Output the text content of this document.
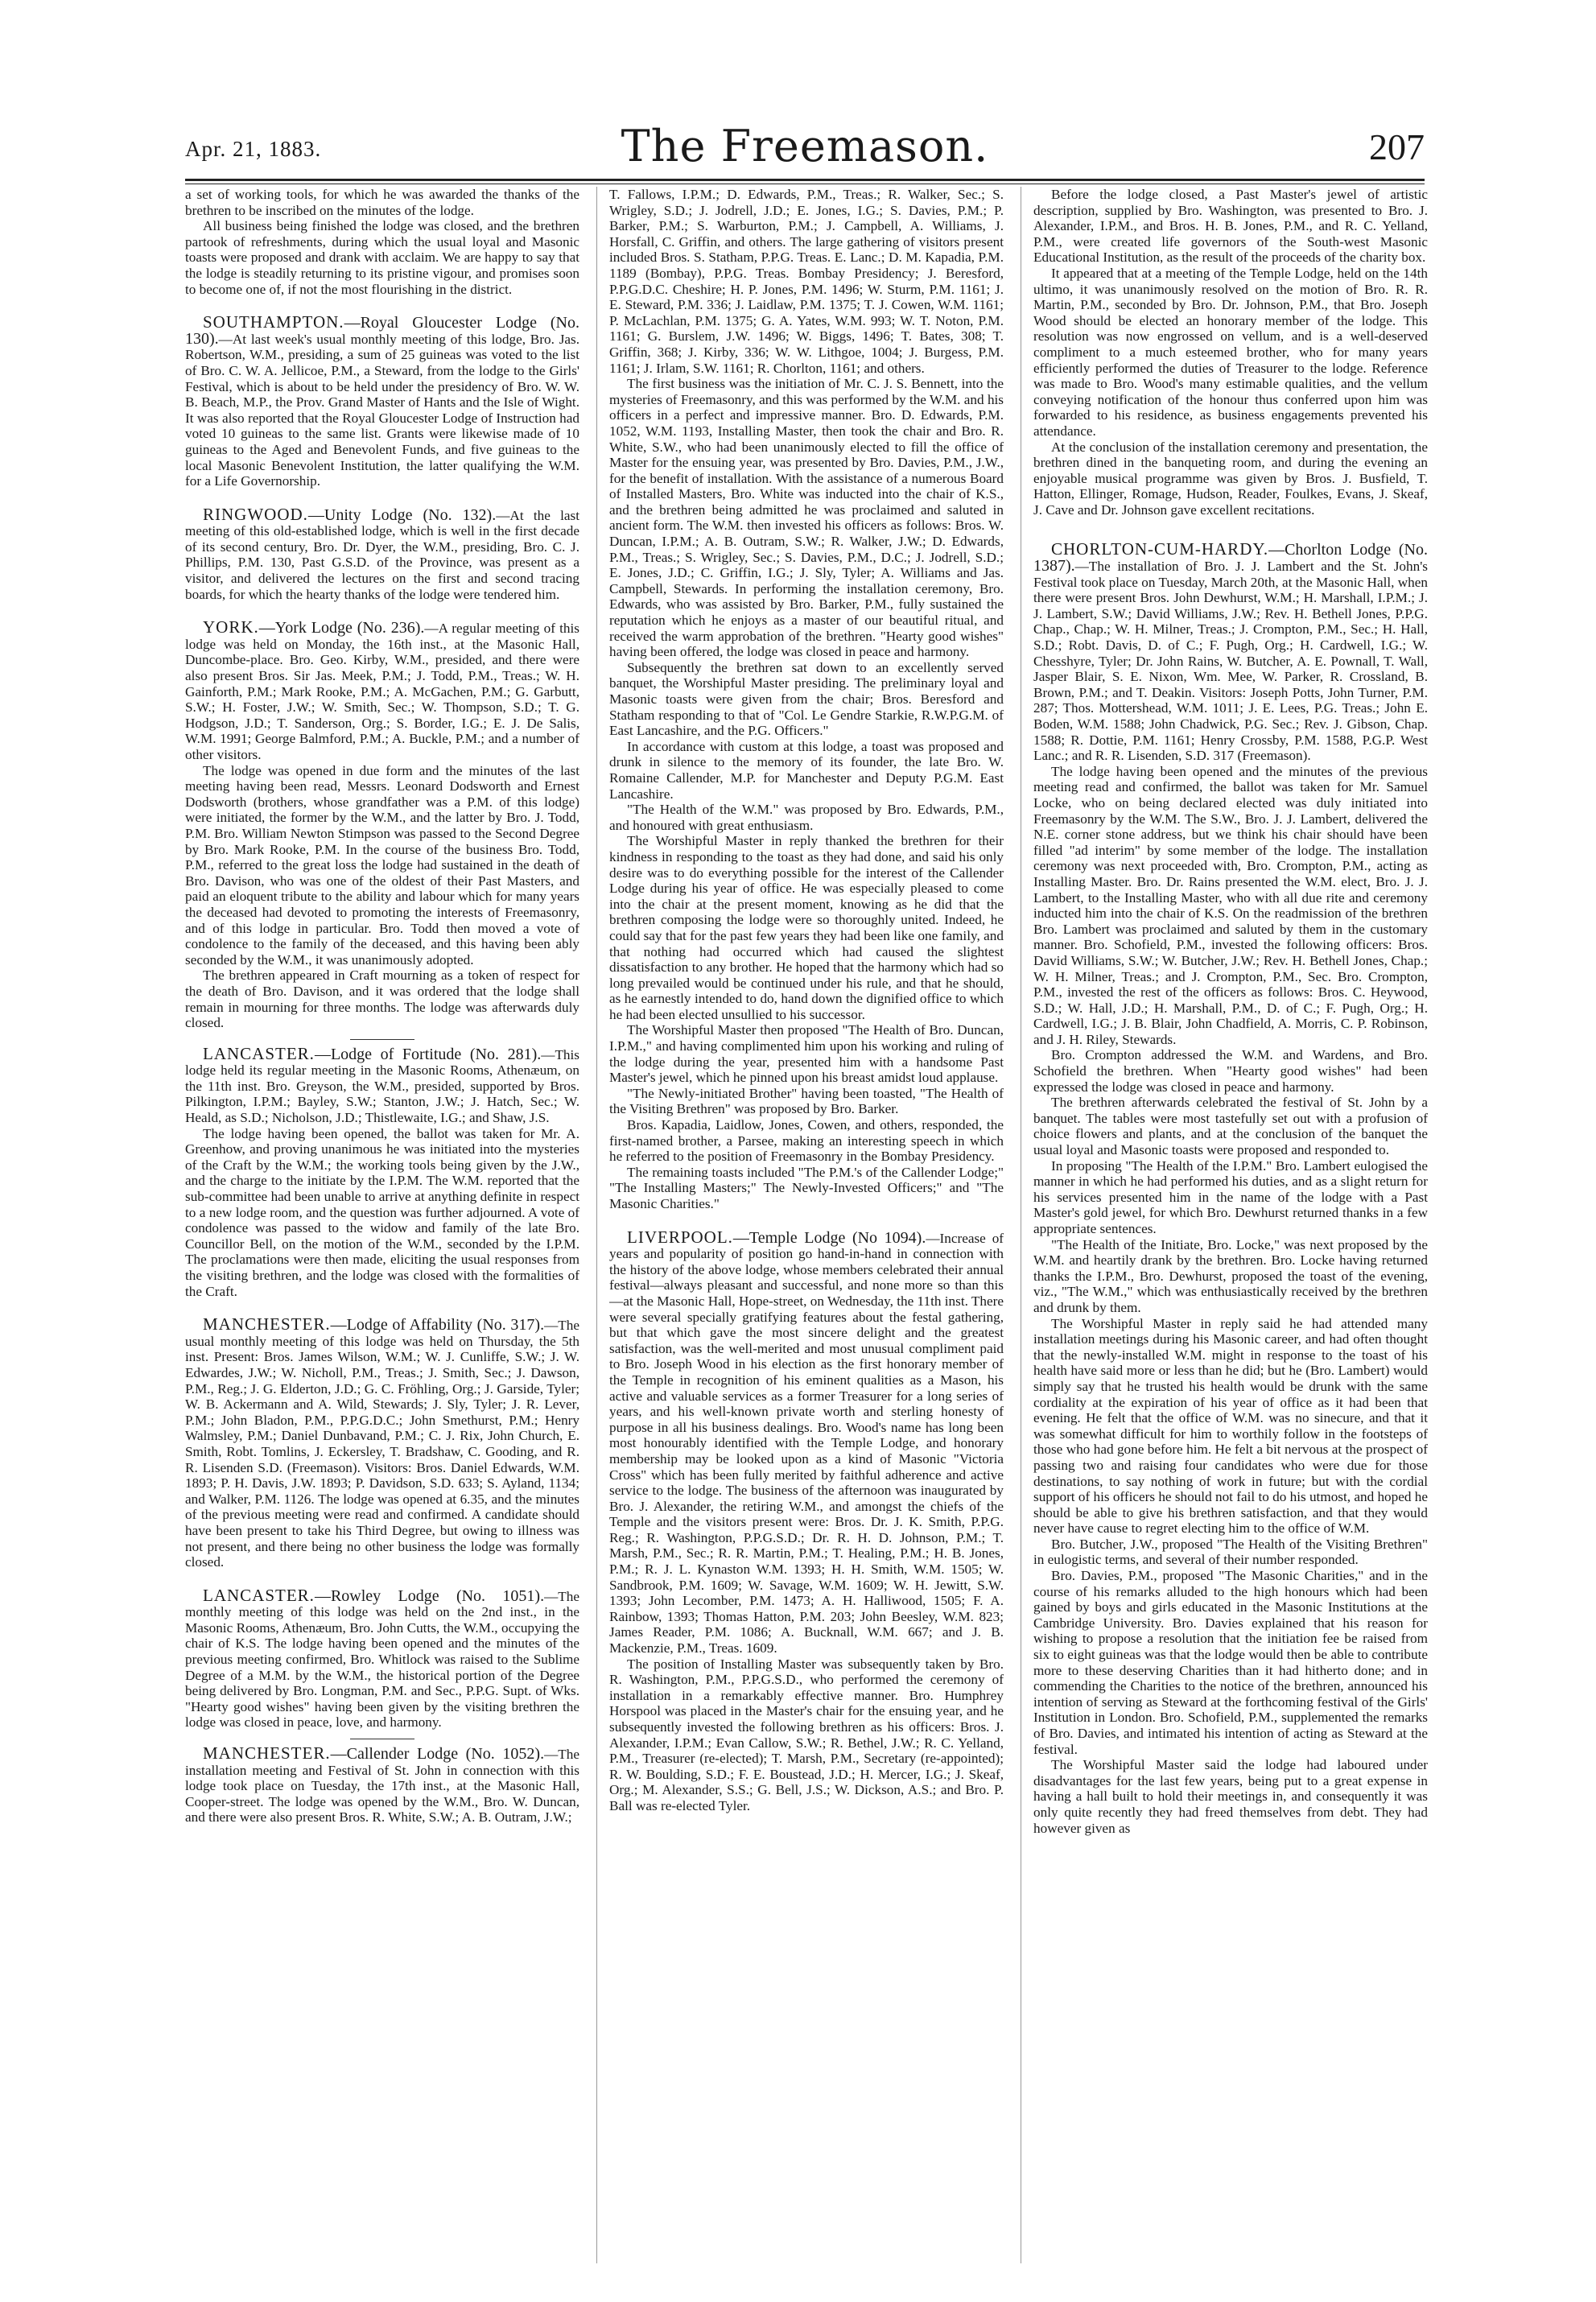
Apr. 21, 1883.	The Freemason.	207

a set of working tools, for which he was awarded the thanks of the brethren to be inscribed on the minutes of the lodge.

All business being finished the lodge was closed, and the brethren partook of refreshments, during which the usual loyal and Masonic toasts were proposed and drank with acclaim. We are happy to say that the lodge is steadily returning to its pristine vigour, and promises soon to become one of, if not the most flourishing in the district.

SOUTHAMPTON.—Royal Gloucester Lodge (No. 130).—At last week's usual monthly meeting of this lodge, Bro. Jas. Robertson, W.M., presiding, a sum of 25 guineas was voted to the list of Bro. C. W. A. Jellicoe, P.M., a Steward, from the lodge to the Girls' Festival, which is about to be held under the presidency of Bro. W. W. B. Beach, M.P., the Prov. Grand Master of Hants and the Isle of Wight. It was also reported that the Royal Gloucester Lodge of Instruction had voted 10 guineas to the same list. Grants were likewise made of 10 guineas to the Aged and Benevolent Funds, and five guineas to the local Masonic Benevolent Institution, the latter qualifying the W.M. for a Life Governorship.
RINGWOOD.—Unity Lodge (No. 132).—At the last meeting of this old-established lodge, which is well in the first decade of its second century, Bro. Dr. Dyer, the W.M., presiding, Bro. C. J. Phillips, P.M. 130, Past G.S.D. of the Province, was present as a visitor, and delivered the lectures on the first and second tracing boards, for which the hearty thanks of the lodge were tendered him.
YORK.—York Lodge (No. 236).—A regular meeting of this lodge was held on Monday, the 16th inst., at the Masonic Hall, Duncombe-place. Bro. Geo. Kirby, W.M., presided, and there were also present Bros. Sir Jas. Meek, P.M.; J. Todd, P.M., Treas.; W. H. Gainforth, P.M.; Mark Rooke, P.M.; A. McGachen, P.M.; G. Garbutt, S.W.; H. Foster, J.W.; W. Smith, Sec.; W. Thompson, S.D.; T. G. Hodgson, J.D.; T. Sanderson, Org.; S. Border, I.G.; E. J. De Salis, W.M. 1991; George Balmford, P.M.; A. Buckle, P.M.; and a number of other visitors.

The lodge was opened in due form and the minutes of the last meeting having been read, Messrs. Leonard Dodsworth and Ernest Dodsworth (brothers, whose grandfather was a P.M. of this lodge) were initiated, the former by the W.M., and the latter by Bro. J. Todd, P.M. Bro. William Newton Stimpson was passed to the Second Degree by Bro. Mark Rooke, P.M. In the course of the business Bro. Todd, P.M., referred to the great loss the lodge had sustained in the death of Bro. Davison, who was one of the oldest of their Past Masters, and paid an eloquent tribute to the ability and labour which for many years the deceased had devoted to promoting the interests of Freemasonry, and of this lodge in particular. Bro. Todd then moved a vote of condolence to the family of the deceased, and this having been ably seconded by the W.M., it was unanimously adopted.

The brethren appeared in Craft mourning as a token of respect for the death of Bro. Davison, and it was ordered that the lodge shall remain in mourning for three months. The lodge was afterwards duly closed.

LANCASTER.—Lodge of Fortitude (No. 281).—This lodge held its regular meeting in the Masonic Rooms, Athenæum, on the 11th inst. Bro. Greyson, the W.M., presided, supported by Bros. Pilkington, I.P.M.; Bayley, S.W.; Stanton, J.W.; J. Hatch, Sec.; W. Heald, as S.D.; Nicholson, J.D.; Thistlewaite, I.G.; and Shaw, J.S.

The lodge having been opened, the ballot was taken for Mr. A. Greenhow, and proving unanimous he was initiated into the mysteries of the Craft by the W.M.; the working tools being given by the J.W., and the charge to the initiate by the I.P.M. The W.M. reported that the sub-committee had been unable to arrive at anything definite in respect to a new lodge room, and the question was further adjourned. A vote of condolence was passed to the widow and family of the late Bro. Councillor Bell, on the motion of the W.M., seconded by the I.P.M. The proclamations were then made, eliciting the usual responses from the visiting brethren, and the lodge was closed with the formalities of the Craft.

MANCHESTER.—Lodge of Affability (No. 317).—The usual monthly meeting of this lodge was held on Thursday, the 5th inst. Present: Bros. James Wilson, W.M.; W. J. Cunliffe, S.W.; J. W. Edwardes, J.W.; W. Nicholl, P.M., Treas.; J. Smith, Sec.; J. Dawson, P.M., Reg.; J. G. Elderton, J.D.; G. C. Fröhling, Org.; J. Garside, Tyler; W. B. Ackermann and A. Wild, Stewards; J. Sly, Tyler; J. R. Lever, P.M.; John Bladon, P.M., P.P.G.D.C.; John Smethurst, P.M.; Henry Walmsley, P.M.; Daniel Dunbavand, P.M.; C. J. Rix, John Church, E. Smith, Robt. Tomlins, J. Eckersley, T. Bradshaw, C. Gooding, and R. R. Lisenden S.D. (Freemason). Visitors: Bros. Daniel Edwards, W.M. 1893; P. H. Davis, J.W. 1893; P. Davidson, S.D. 633; S. Ayland, 1134; and Walker, P.M. 1126. The lodge was opened at 6.35, and the minutes of the previous meeting were read and confirmed. A candidate should have been present to take his Third Degree, but owing to illness was not present, and there being no other business the lodge was formally closed.
LANCASTER.—Rowley Lodge (No. 1051).—The monthly meeting of this lodge was held on the 2nd inst., in the Masonic Rooms, Athenæum, Bro. John Cutts, the W.M., occupying the chair of K.S. The lodge having been opened and the minutes of the previous meeting confirmed, Bro. Whitlock was raised to the Sublime Degree of a M.M. by the W.M., the historical portion of the Degree being delivered by Bro. Longman, P.M. and Sec., P.P.G. Supt. of Wks. "Hearty good wishes" having been given by the visiting brethren the lodge was closed in peace, love, and harmony.
MANCHESTER.—Callender Lodge (No. 1052).—The installation meeting and Festival of St. John in connection with this lodge took place on Tuesday, the 17th inst., at the Masonic Hall, Cooper-street. The lodge was opened by the W.M., Bro. W. Duncan, and there were also present Bros. R. White, S.W.; A. B. Outram, J.W.;

T. Fallows, I.P.M.; D. Edwards, P.M., Treas.; R. Walker, Sec.; S. Wrigley, S.D.; J. Jodrell, J.D.; E. Jones, I.G.; S. Davies, P.M.; P. Barker, P.M.; S. Warburton, P.M.; J. Campbell, A. Williams, J. Horsfall, C. Griffin, and others. The large gathering of visitors present included Bros. S. Statham, P.P.G. Treas. E. Lanc.; D. M. Kapadia, P.M. 1189 (Bombay), P.P.G. Treas. Bombay Presidency; J. Beresford, P.P.G.D.C. Cheshire; H. P. Jones, P.M. 1496; W. Sturm, P.M. 1161; J. E. Steward, P.M. 336; J. Laidlaw, P.M. 1375; T. J. Cowen, W.M. 1161; P. McLachlan, P.M. 1375; G. A. Yates, W.M. 993; W. T. Noton, P.M. 1161; G. Burslem, J.W. 1496; W. Biggs, 1496; T. Bates, 308; T. Griffin, 368; J. Kirby, 336; W. W. Lithgoe, 1004; J. Burgess, P.M. 1161; J. Irlam, S.W. 1161; R. Chorlton, 1161; and others.

The first business was the initiation of Mr. C. J. S. Bennett, into the mysteries of Freemasonry, and this was performed by the W.M. and his officers in a perfect and impressive manner. Bro. D. Edwards, P.M. 1052, W.M. 1193, Installing Master, then took the chair and Bro. R. White, S.W., who had been unanimously elected to fill the office of Master for the ensuing year, was presented by Bro. Davies, P.M., J.W., for the benefit of installation. With the assistance of a numerous Board of Installed Masters, Bro. White was inducted into the chair of K.S., and the brethren being admitted he was proclaimed and saluted in ancient form. The W.M. then invested his officers as follows: Bros. W. Duncan, I.P.M.; A. B. Outram, S.W.; R. Walker, J.W.; D. Edwards, P.M., Treas.; S. Wrigley, Sec.; S. Davies, P.M., D.C.; J. Jodrell, S.D.; E. Jones, J.D.; C. Griffin, I.G.; J. Sly, Tyler; A. Williams and Jas. Campbell, Stewards. In performing the installation ceremony, Bro. Edwards, who was assisted by Bro. Barker, P.M., fully sustained the reputation which he enjoys as a master of our beautiful ritual, and received the warm approbation of the brethren. "Hearty good wishes" having been offered, the lodge was closed in peace and harmony.

Subsequently the brethren sat down to an excellently served banquet, the Worshipful Master presiding. The preliminary loyal and Masonic toasts were given from the chair; Bros. Beresford and Statham responding to that of "Col. Le Gendre Starkie, R.W.P.G.M. of East Lancashire, and the P.G. Officers."

In accordance with custom at this lodge, a toast was proposed and drunk in silence to the memory of its founder, the late Bro. W. Romaine Callender, M.P. for Manchester and Deputy P.G.M. East Lancashire.

"The Health of the W.M." was proposed by Bro. Edwards, P.M., and honoured with great enthusiasm.

The Worshipful Master in reply thanked the brethren for their kindness in responding to the toast as they had done, and said his only desire was to do everything possible for the interest of the Callender Lodge during his year of office. He was especially pleased to come into the chair at the present moment, knowing as he did that the brethren composing the lodge were so thoroughly united. Indeed, he could say that for the past few years they had been like one family, and that nothing had occurred which had caused the slightest dissatisfaction to any brother. He hoped that the harmony which had so long prevailed would be continued under his rule, and that he should, as he earnestly intended to do, hand down the dignified office to which he had been elected unsullied to his successor.

The Worshipful Master then proposed "The Health of Bro. Duncan, I.P.M.," and having complimented him upon his working and ruling of the lodge during the year, presented him with a handsome Past Master's jewel, which he pinned upon his breast amidst loud applause.

"The Newly-initiated Brother" having been toasted, "The Health of the Visiting Brethren" was proposed by Bro. Barker.

Bros. Kapadia, Laidlow, Jones, Cowen, and others, responded, the first-named brother, a Parsee, making an interesting speech in which he referred to the position of Freemasonry in the Bombay Presidency.

The remaining toasts included "The P.M.'s of the Callender Lodge;" "The Installing Masters;" The Newly-Invested Officers;" and "The Masonic Charities."

LIVERPOOL.—Temple Lodge (No 1094).—Increase of years and popularity of position go hand-in-hand in connection with the history of the above lodge, whose members celebrated their annual festival—always pleasant and successful, and none more so than this—at the Masonic Hall, Hope-street, on Wednesday, the 11th inst. There were several specially gratifying features about the festal gathering, but that which gave the most sincere delight and the greatest satisfaction, was the well-merited and most unusual compliment paid to Bro. Joseph Wood in his election as the first honorary member of the Temple in recognition of his eminent qualities as a Mason, his active and valuable services as a former Treasurer for a long series of years, and his well-known private worth and sterling honesty of purpose in all his business dealings. Bro. Wood's name has long been most honourably identified with the Temple Lodge, and honorary membership may be looked upon as a kind of Masonic "Victoria Cross" which has been fully merited by faithful adherence and active service to the lodge. The business of the afternoon was inaugurated by Bro. J. Alexander, the retiring W.M., and amongst the chiefs of the Temple and the visitors present were: Bros. Dr. J. K. Smith, P.P.G. Reg.; R. Washington, P.P.G.S.D.; Dr. R. H. D. Johnson, P.M.; T. Marsh, P.M., Sec.; R. R. Martin, P.M.; T. Healing, P.M.; H. B. Jones, P.M.; R. J. L. Kynaston W.M. 1393; H. H. Smith, W.M. 1505; W. Sandbrook, P.M. 1609; W. Savage, W.M. 1609; W. H. Jewitt, S.W. 1393; John Lecomber, P.M. 1473; A. H. Halliwood, 1505; F. A. Rainbow, 1393; Thomas Hatton, P.M. 203; John Beesley, W.M. 823; James Reader, P.M. 1086; A. Bucknall, W.M. 667; and J. B. Mackenzie, P.M., Treas. 1609.

The position of Installing Master was subsequently taken by Bro. R. Washington, P.M., P.P.G.S.D., who performed the ceremony of installation in a remarkably effective manner. Bro. Humphrey Horspool was placed in the Master's chair for the ensuing year, and he subsequently invested the following brethren as his officers: Bros. J. Alexander, I.P.M.; Evan Callow, S.W.; R. Bethel, J.W.; R. C. Yelland, P.M., Treasurer (re-elected); T. Marsh, P.M., Secretary (re-appointed); R. W. Boulding, S.D.; F. E. Boustead, J.D.; H. Mercer, I.G.; J. Skeaf, Org.; M. Alexander, S.S.; G. Bell, J.S.; W. Dickson, A.S.; and Bro. P. Ball was re-elected Tyler.

Before the lodge closed, a Past Master's jewel of artistic description, supplied by Bro. Washington, was presented to Bro. J. Alexander, I.P.M., and Bros. H. B. Jones, P.M., and R. C. Yelland, P.M., were created life governors of the South-west Masonic Educational Institution, as the result of the proceeds of the charity box.

It appeared that at a meeting of the Temple Lodge, held on the 14th ultimo, it was unanimously resolved on the motion of Bro. R. R. Martin, P.M., seconded by Bro. Dr. Johnson, P.M., that Bro. Joseph Wood should be elected an honorary member of the lodge. This resolution was now engrossed on vellum, and is a well-deserved compliment to a much esteemed brother, who for many years efficiently performed the duties of Treasurer to the lodge. Reference was made to Bro. Wood's many estimable qualities, and the vellum conveying notification of the honour thus conferred upon him was forwarded to his residence, as business engagements prevented his attendance.

At the conclusion of the installation ceremony and presentation, the brethren dined in the banqueting room, and during the evening an enjoyable musical programme was given by Bros. J. Busfield, T. Hatton, Ellinger, Romage, Hudson, Reader, Foulkes, Evans, J. Skeaf, J. Cave and Dr. Johnson gave excellent recitations.

CHORLTON-CUM-HARDY.—Chorlton Lodge (No. 1387).—The installation of Bro. J. J. Lambert and the St. John's Festival took place on Tuesday, March 20th, at the Masonic Hall, when there were present Bros. John Dewhurst, W.M.; H. Marshall, I.P.M.; J. J. Lambert, S.W.; David Williams, J.W.; Rev. H. Bethell Jones, P.P.G. Chap., Chap.; W. H. Milner, Treas.; J. Crompton, P.M., Sec.; H. Hall, S.D.; Robt. Davis, D. of C.; F. Pugh, Org.; H. Cardwell, I.G.; W. Chesshyre, Tyler; Dr. John Rains, W. Butcher, A. E. Pownall, T. Wall, Jasper Blair, S. E. Nixon, Wm. Mee, W. Parker, R. Crossland, B. Brown, P.M.; and T. Deakin. Visitors: Joseph Potts, John Turner, P.M. 287; Thos. Mottershead, W.M. 1011; J. E. Lees, P.G. Treas.; John E. Boden, W.M. 1588; John Chadwick, P.G. Sec.; Rev. J. Gibson, Chap. 1588; R. Dottie, P.M. 1161; Henry Crossby, P.M. 1588, P.G.P. West Lanc.; and R. R. Lisenden, S.D. 317 (Freemason).

The lodge having been opened and the minutes of the previous meeting read and confirmed, the ballot was taken for Mr. Samuel Locke, who on being declared elected was duly initiated into Freemasonry by the W.M. The S.W., Bro. J. J. Lambert, delivered the N.E. corner stone address, but we think his chair should have been filled "ad interim" by some member of the lodge. The installation ceremony was next proceeded with, Bro. Crompton, P.M., acting as Installing Master. Bro. Dr. Rains presented the W.M. elect, Bro. J. J. Lambert, to the Installing Master, who with all due rite and ceremony inducted him into the chair of K.S. On the readmission of the brethren Bro. Lambert was proclaimed and saluted by them in the customary manner. Bro. Schofield, P.M., invested the following officers: Bros. David Williams, S.W.; W. Butcher, J.W.; Rev. H. Bethell Jones, Chap.; W. H. Milner, Treas.; and J. Crompton, P.M., Sec. Bro. Crompton, P.M., invested the rest of the officers as follows: Bros. C. Heywood, S.D.; W. Hall, J.D.; H. Marshall, P.M., D. of C.; F. Pugh, Org.; H. Cardwell, I.G.; J. B. Blair, John Chadfield, A. Morris, C. P. Robinson, and J. H. Riley, Stewards.

Bro. Crompton addressed the W.M. and Wardens, and Bro. Schofield the brethren. When "Hearty good wishes" had been expressed the lodge was closed in peace and harmony.

The brethren afterwards celebrated the festival of St. John by a banquet. The tables were most tastefully set out with a profusion of choice flowers and plants, and at the conclusion of the banquet the usual loyal and Masonic toasts were proposed and responded to.

In proposing "The Health of the I.P.M." Bro. Lambert eulogised the manner in which he had performed his duties, and as a slight return for his services presented him in the name of the lodge with a Past Master's gold jewel, for which Bro. Dewhurst returned thanks in a few appropriate sentences.

"The Health of the Initiate, Bro. Locke," was next proposed by the W.M. and heartily drank by the brethren. Bro. Locke having returned thanks the I.P.M., Bro. Dewhurst, proposed the toast of the evening, viz., "The W.M.," which was enthusiastically received by the brethren and drunk by them.

The Worshipful Master in reply said he had attended many installation meetings during his Masonic career, and had often thought that the newly-installed W.M. might in response to the toast of his health have said more or less than he did; but he (Bro. Lambert) would simply say that he trusted his health would be drunk with the same cordiality at the expiration of his year of office as it had been that evening. He felt that the office of W.M. was no sinecure, and that it was somewhat difficult for him to worthily follow in the footsteps of those who had gone before him. He felt a bit nervous at the prospect of passing two and raising four candidates who were due for those destinations, to say nothing of work in future; but with the cordial support of his officers he should not fail to do his utmost, and hoped he should be able to give his brethren satisfaction, and that they would never have cause to regret electing him to the office of W.M.

Bro. Butcher, J.W., proposed "The Health of the Visiting Brethren" in eulogistic terms, and several of their number responded.

Bro. Davies, P.M., proposed "The Masonic Charities," and in the course of his remarks alluded to the high honours which had been gained by boys and girls educated in the Masonic Institutions at the Cambridge University. Bro. Davies explained that his reason for wishing to propose a resolution that the initiation fee be raised from six to eight guineas was that the lodge would then be able to contribute more to these deserving Charities than it had hitherto done; and in commending the Charities to the notice of the brethren, announced his intention of serving as Steward at the forthcoming festival of the Girls' Institution in London. Bro. Schofield, P.M., supplemented the remarks of Bro. Davies, and intimated his intention of acting as Steward at the festival.

The Worshipful Master said the lodge had laboured under disadvantages for the last few years, being put to a great expense in having a hall built to hold their meetings in, and consequently it was only quite recently they had freed themselves from debt. They had however given as
